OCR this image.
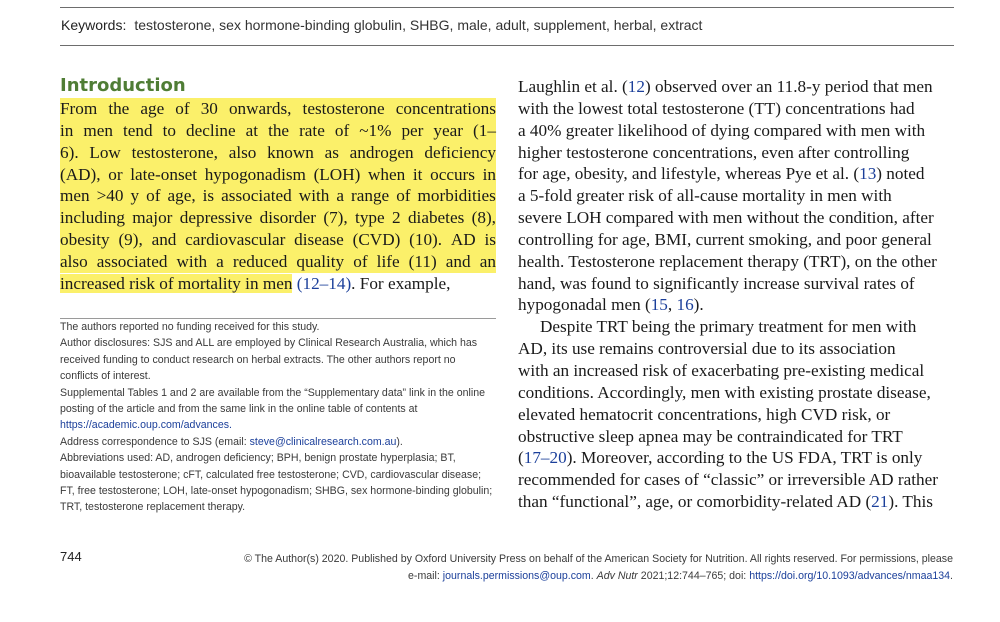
Keywords: testosterone, sex hormone-binding globulin, SHBG, male, adult, supplement, herbal, extract
Introduction
From the age of 30 onwards, testosterone concentrations
in men tend to decline at the rate of ~1% per year (1–
6). Low testosterone, also known as androgen deficiency
(AD), or late-onset hypogonadism (LOH) when it occurs in
men >40 y of age, is associated with a range of morbidities
including major depressive disorder (7), type 2 diabetes (8),
obesity (9), and cardiovascular disease (CVD) (10). AD is
also associated with a reduced quality of life (11) and an
increased risk of mortality in men (12–14). For example,

The authors reported no funding received for this study.

Author disclosures: SJS and ALL are employed by Clinical Research Australia, which has received funding to conduct research on herbal extracts. The other authors report no conflicts of interest.

Supplemental Tables 1 and 2 are available from the “Supplementary data” link in the online posting of the article and from the same link in the online table of contents at https://academic.oup.com/advances.

Address correspondence to SJS (email: steve@clinicalresearch.com.au).

Abbreviations used: AD, androgen deficiency; BPH, benign prostate hyperplasia; BT, bioavailable testosterone; cFT, calculated free testosterone; CVD, cardiovascular disease; FT, free testosterone; LOH, late-onset hypogonadism; SHBG, sex hormone-binding globulin; TRT, testosterone replacement therapy.

Laughlin et al. (12) observed over an 11.8-y period that men
with the lowest total testosterone (TT) concentrations had
a 40% greater likelihood of dying compared with men with
higher testosterone concentrations, even after controlling
for age, obesity, and lifestyle, whereas Pye et al. (13) noted
a 5-fold greater risk of all-cause mortality in men with
severe LOH compared with men without the condition, after
controlling for age, BMI, current smoking, and poor general
health. Testosterone replacement therapy (TRT), on the other
hand, was found to significantly increase survival rates of
hypogonadal men (15, 16).
Despite TRT being the primary treatment for men with
AD, its use remains controversial due to its association
with an increased risk of exacerbating pre-existing medical
conditions. Accordingly, men with existing prostate disease,
elevated hematocrit concentrations, high CVD risk, or
obstructive sleep apnea may be contraindicated for TRT
(17–20). Moreover, according to the US FDA, TRT is only
recommended for cases of “classic” or irreversible AD rather
than “functional”, age, or comorbidity-related AD (21). This
744	© The Author(s) 2020. Published by Oxford University Press on behalf of the American Society for Nutrition. All rights reserved. For permissions, please
e-mail: journals.permissions@oup.com. Adv Nutr 2021;12:744–765; doi: https://doi.org/10.1093/advances/nmaa134.
